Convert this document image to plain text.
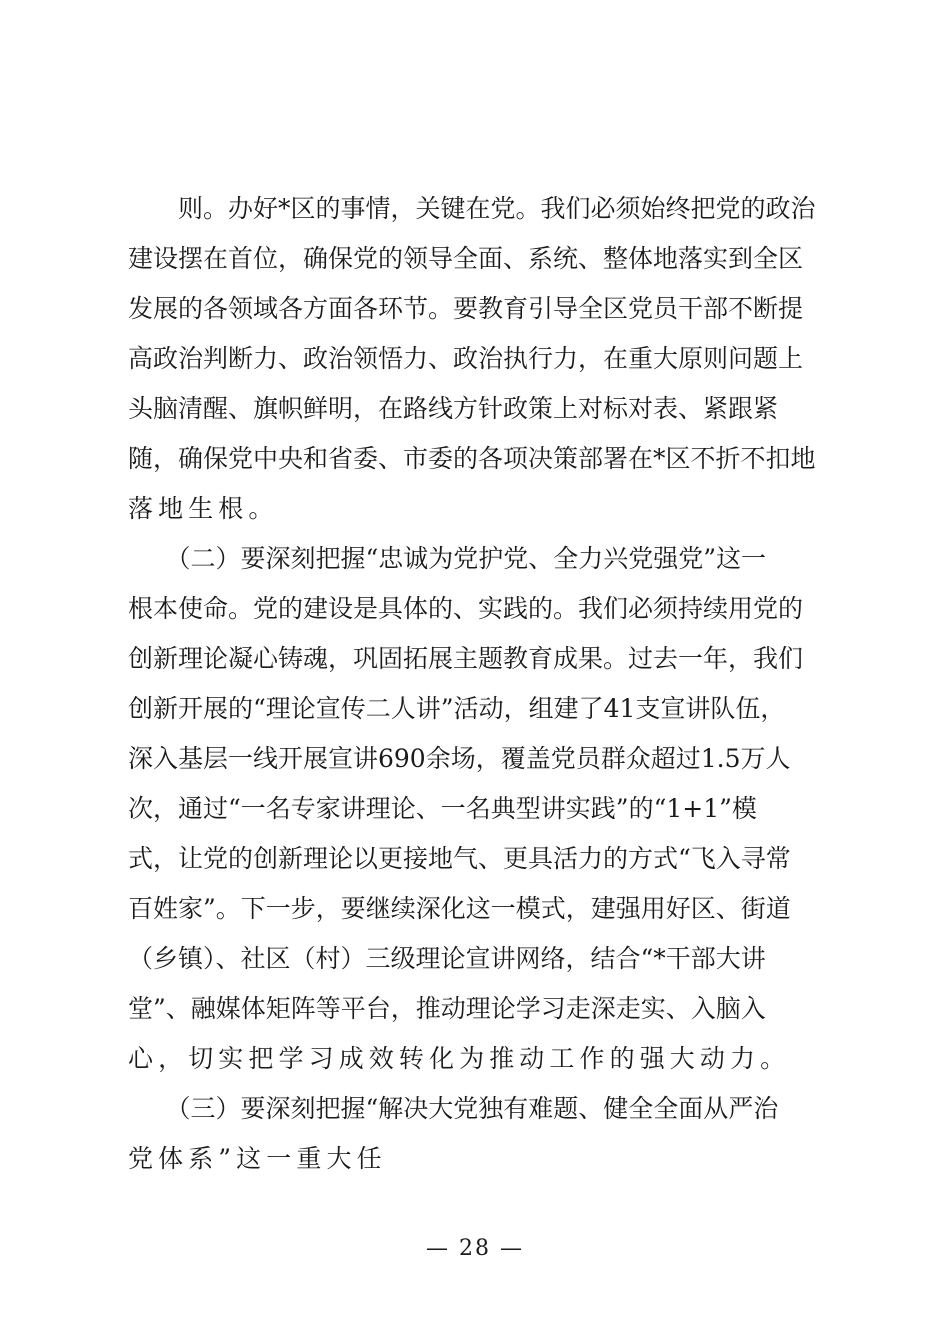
　　则。办好*区的事情，关键在党。我们必须始终把党的政治
建设摆在首位，确保党的领导全面、系统、整体地落实到全区
发展的各领域各方面各环节。要教育引导全区党员干部不断提
高政治判断力、政治领悟力、政治执行力，在重大原则问题上
头脑清醒、旗帜鲜明，在路线方针政策上对标对表、紧跟紧
随，确保党中央和省委、市委的各项决策部署在*区不折不扣地
落地生根。
　　（二）要深刻把握“忠诚为党护党、全力兴党强党”这一
根本使命。党的建设是具体的、实践的。我们必须持续用党的
创新理论凝心铸魂，巩固拓展主题教育成果。过去一年，我们
创新开展的“理论宣传二人讲”活动，组建了41支宣讲队伍，
深入基层一线开展宣讲690余场，覆盖党员群众超过1.5万人
次，通过“一名专家讲理论、一名典型讲实践”的“1+1”模
式，让党的创新理论以更接地气、更具活力的方式“飞入寻常
百姓家”。下一步，要继续深化这一模式，建强用好区、街道
（乡镇）、社区（村）三级理论宣讲网络，结合“*干部大讲
堂”、融媒体矩阵等平台，推动理论学习走深走实、入脑入
心，切实把学习成效转化为推动工作的强大动力。
　　（三）要深刻把握“解决大党独有难题、健全全面从严治
党体系”这一重大任
— 28 —
